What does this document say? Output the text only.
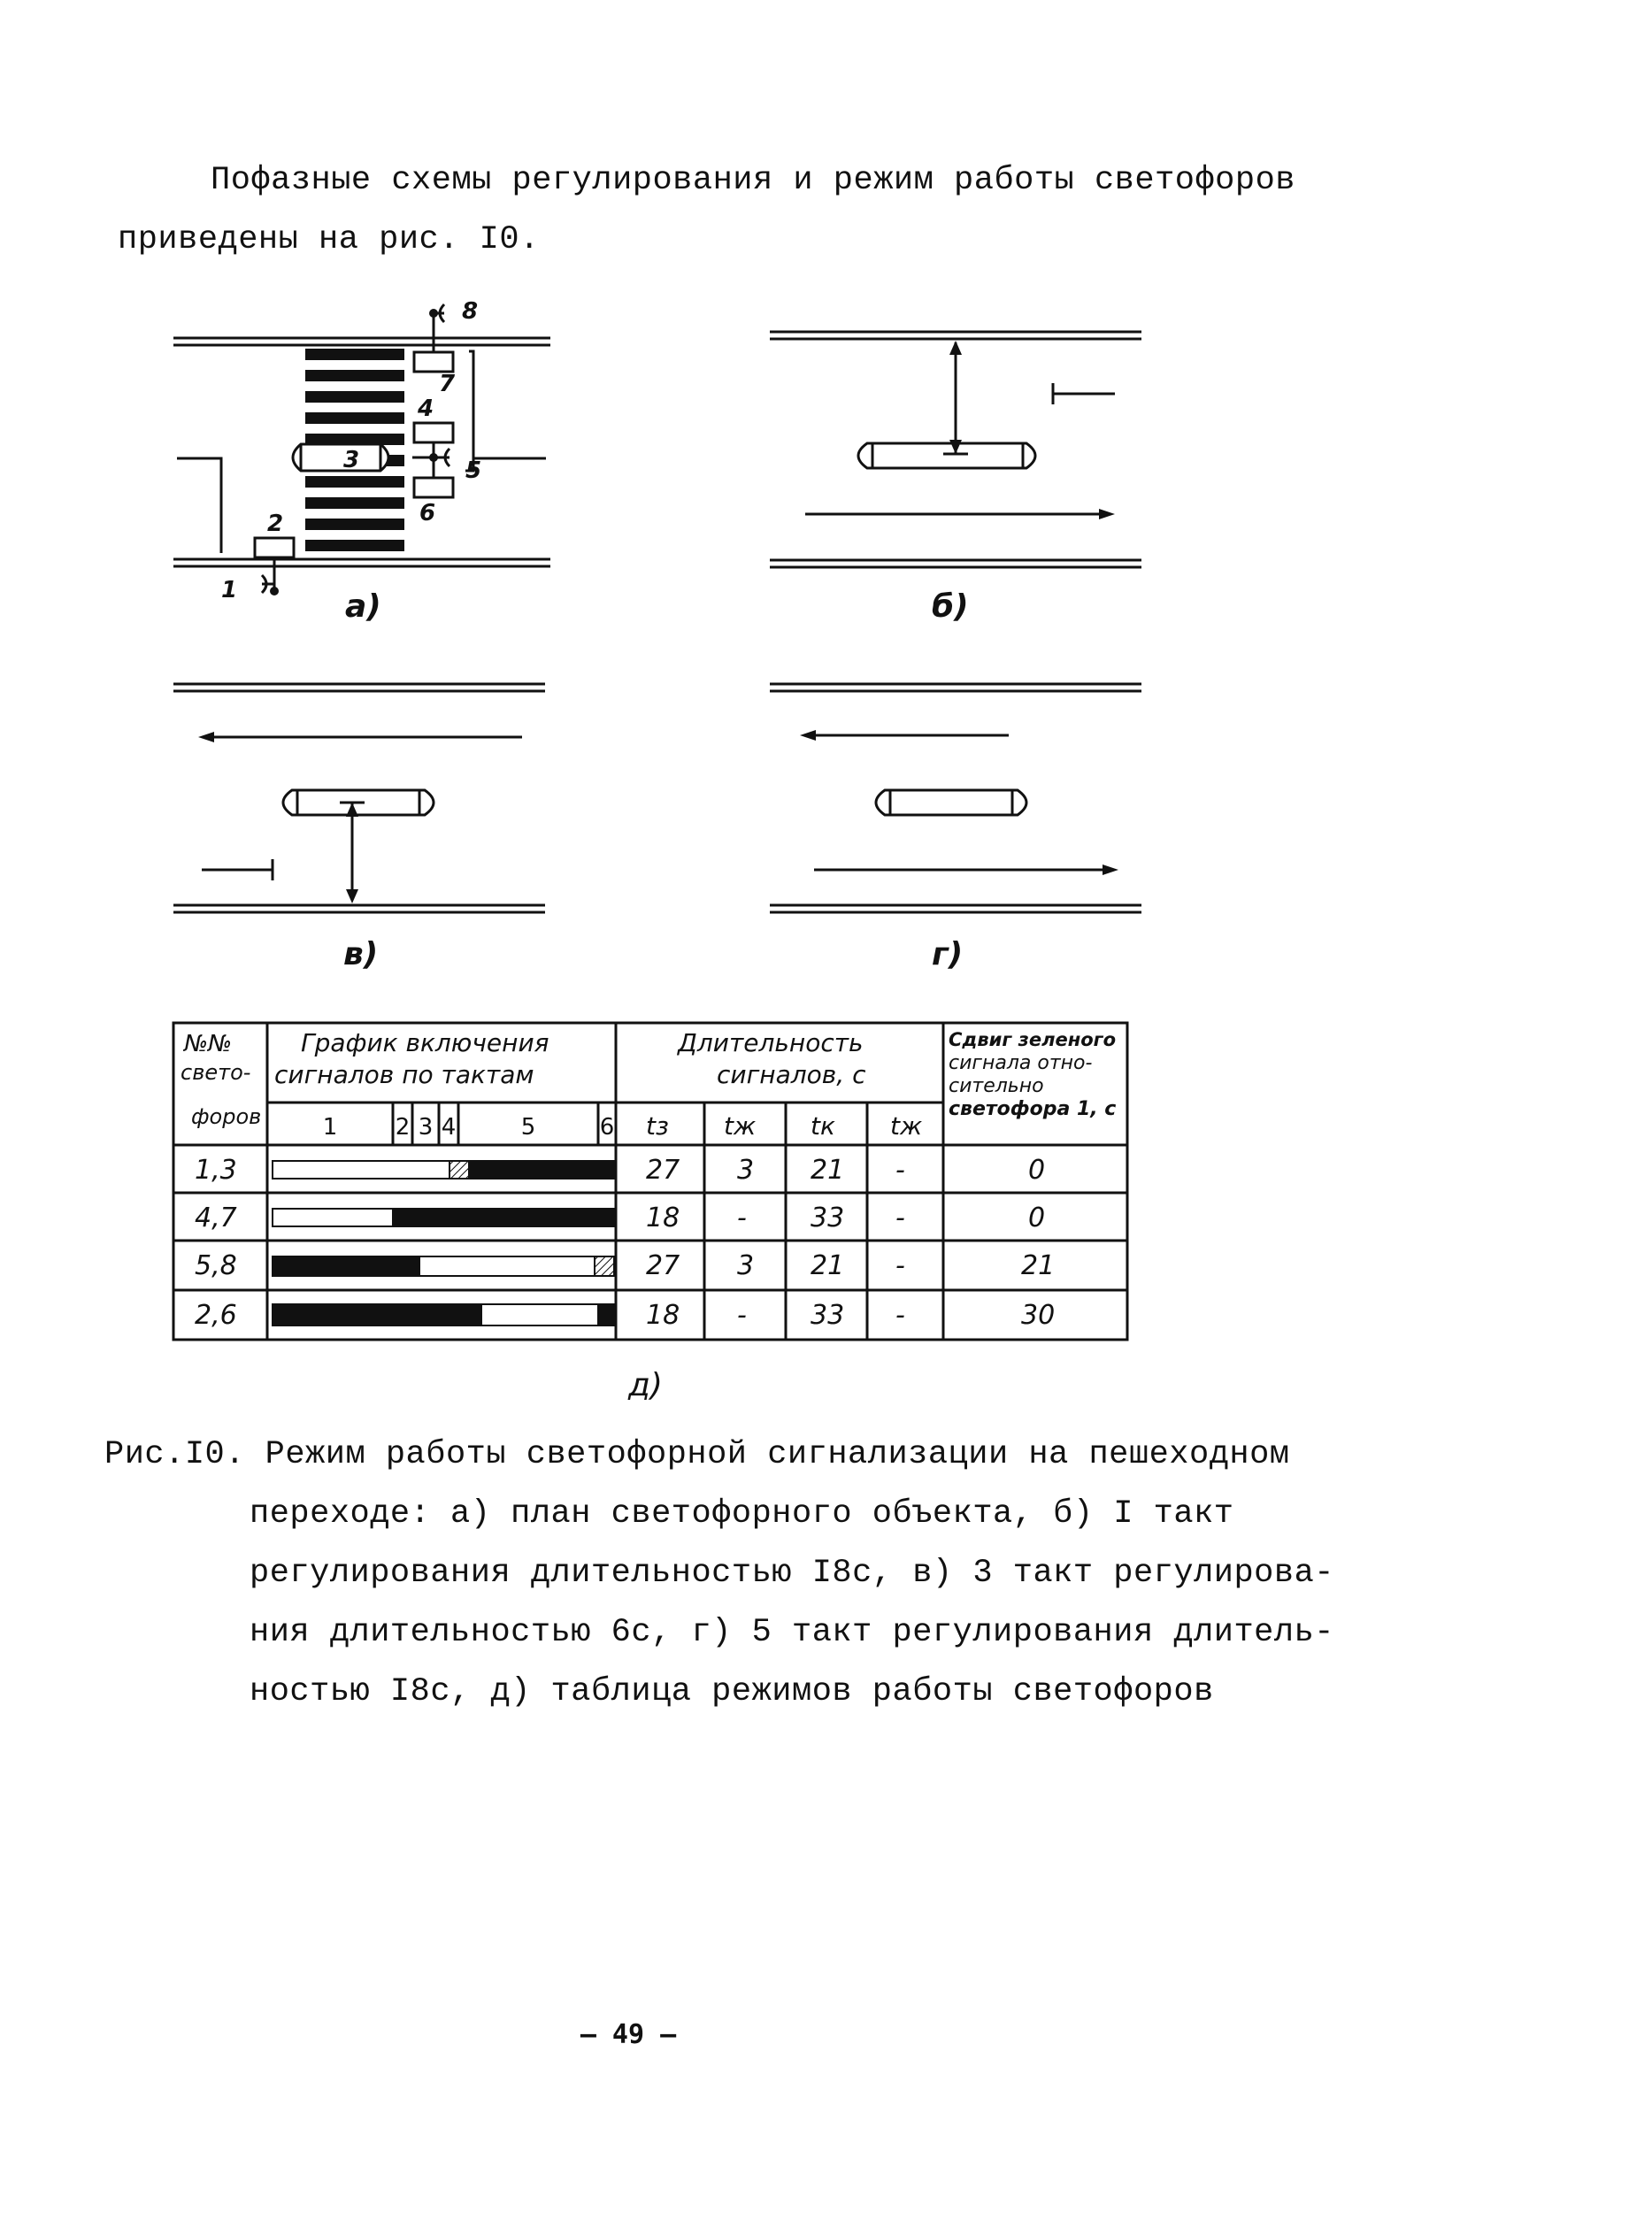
Пофазные схемы регулирования и режим работы светофоров
приведены на рис. I0.
1
2
3
4
5
6
7
8
а)	б)
в)	г)
№№
свето-
форов
График включения
сигналов по тактам
Длительность
сигналов, с
Сдвиг зеленого
сигнала отно-
сительно
светофора 1, с
1	2 3 4	5	6 tз tж tк tж
1,3	27 3 21 -	0
4,7	18 - 33 -	0
5,8	27 3 21 -	21
2,6	18 - 33 -	30
д)
Рис.I0. Режим работы светофорной сигнализации на пешеходном
переходе: а) план светофорного объекта, б) I такт
регулирования длительностью I8с, в) 3 такт регулирова-
ния длительностью 6с, г) 5 такт регулирования длитель-
ностью I8с, д) таблица режимов работы светофоров
— 49 —
